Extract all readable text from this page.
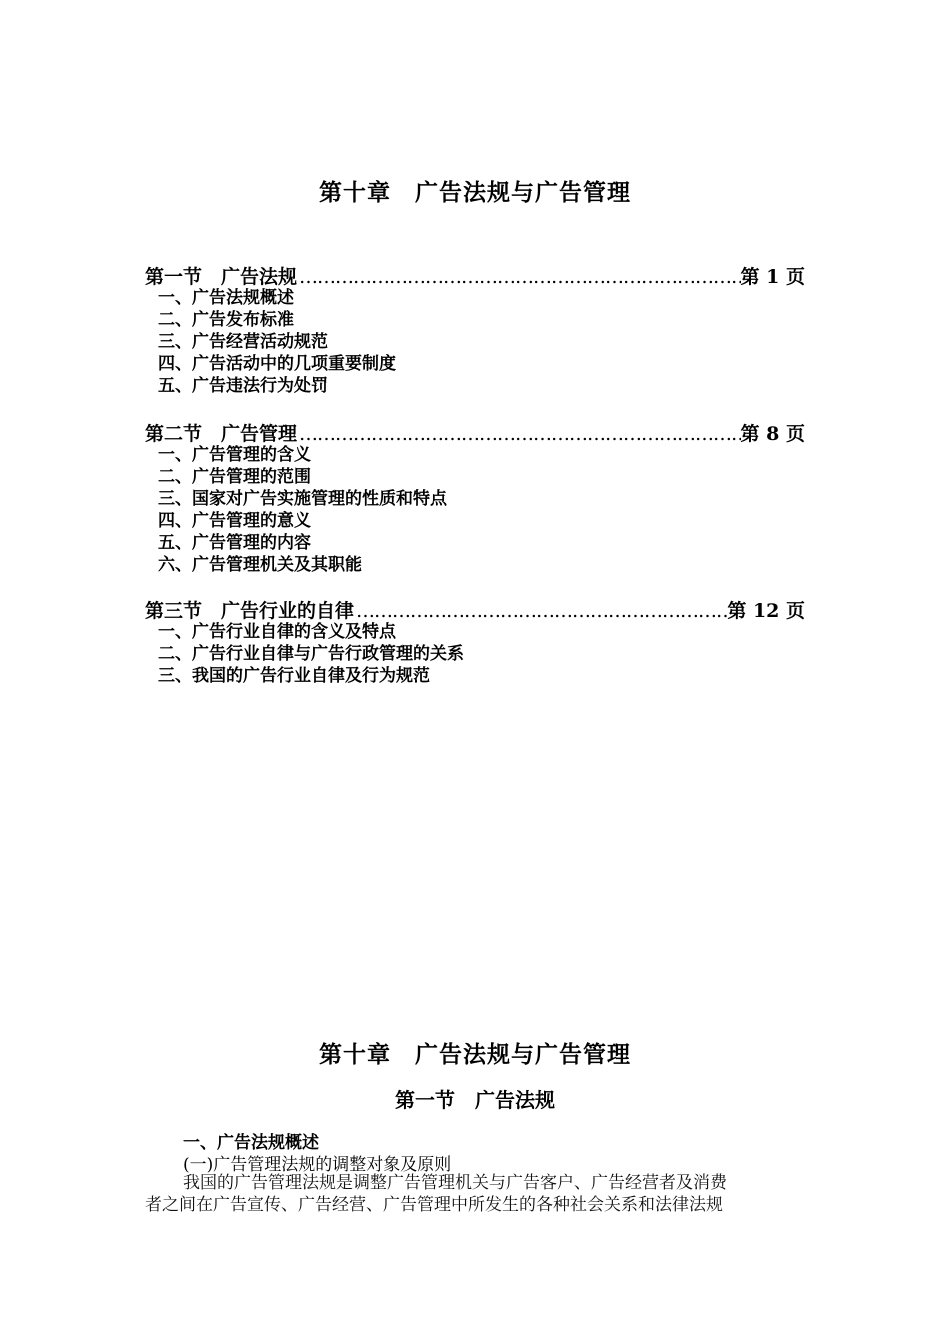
第十章　广告法规与广告管理
第一节　广告法规 ……………………………………………………………………………………………………………………	第 1 页
一、广告法规概述
二、广告发布标准
三、广告经营活动规范
四、广告活动中的几项重要制度
五、广告违法行为处罚
第二节　广告管理 ……………………………………………………………………………………………………………………	第 8 页
一、广告管理的含义
二、广告管理的范围
三、国家对广告实施管理的性质和特点
四、广告管理的意义
五、广告管理的内容
六、广告管理机关及其职能
第三节　广告行业的自律 ……………………………………………………………………………………………………………………	第 12 页
一、广告行业自律的含义及特点
二、广告行业自律与广告行政管理的关系
三、我国的广告行业自律及行为规范
第十章　广告法规与广告管理
第一节　广告法规
一、广告法规概述
(一)广告管理法规的调整对象及原则
我国的广告管理法规是调整广告管理机关与广告客户、广告经营者及消费
者之间在广告宣传、广告经营、广告管理中所发生的各种社会关系和法律法规
